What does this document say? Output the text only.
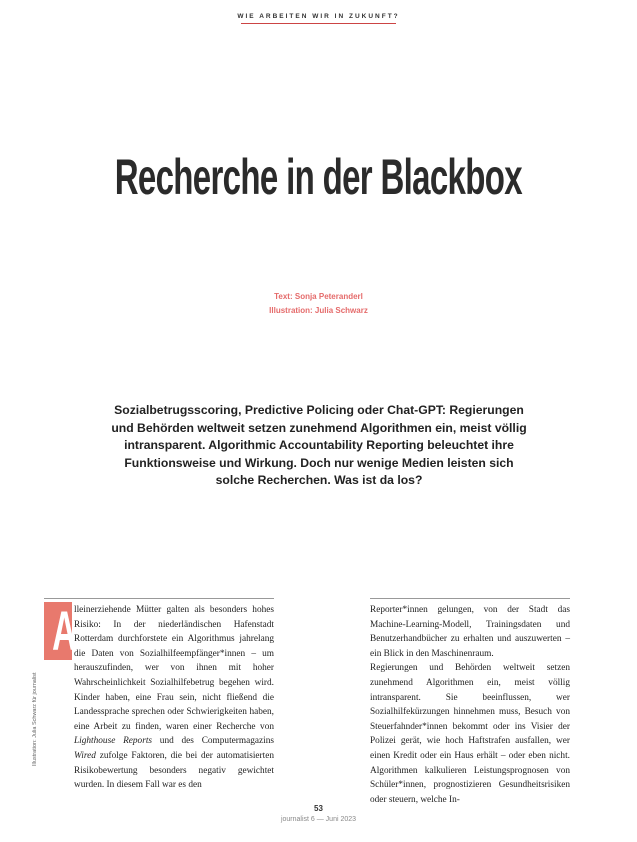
WIE ARBEITEN WIR IN ZUKUNFT?
Recherche in der Blackbox
Text: Sonja Peteranderl
Illustration: Julia Schwarz
Sozialbetrugsscoring, Predictive Policing oder Chat-GPT: Regierungen
und Behörden weltweit setzen zunehmend Algorithmen ein, meist völlig
intransparent. Algorithmic Accountability Reporting beleuchtet ihre
Funktionsweise und Wirkung. Doch nur wenige Medien leisten sich
solche Recherchen. Was ist da los?
A

lleinerziehende Mütter galten als besonders hohes Risiko: In der niederländischen Hafenstadt Rotterdam durchforstete ein Algorithmus jahrelang die Daten von Sozialhilfeempfänger*innen – um herauszufinden, wer von ihnen mit hoher Wahrscheinlichkeit Sozialhilfebetrug begehen wird. Kinder haben, eine Frau sein, nicht fließend die Landessprache sprechen oder Schwierigkeiten haben, eine Arbeit zu finden, waren einer Recherche von Lighthouse Reports und des Computermagazins Wired zufolge Faktoren, die bei der automatisierten Risikobewertung besonders negativ gewichtet wurden. In diesem Fall war es den

Reporter*innen gelungen, von der Stadt das Machine-Learning-Modell, Trainingsdaten und Benutzerhandbücher zu erhalten und auszuwerten – ein Blick in den Maschinenraum.

Regierungen und Behörden weltweit setzen zunehmend Algorithmen ein, meist völlig intransparent. Sie beeinflussen, wer Sozialhilfekürzungen hinnehmen muss, Besuch von Steuerfahnder*innen bekommt oder ins Visier der Polizei gerät, wie hoch Haftstrafen ausfallen, wer einen Kredit oder ein Haus erhält – oder eben nicht. Algorithmen kalkulieren Leistungsprognosen von Schüler*innen, prognostizieren Gesundheitsrisiken oder steuern, welche In-

Illustration: Julia Schwarz für journalist
53
journalist 6 — Juni 2023
